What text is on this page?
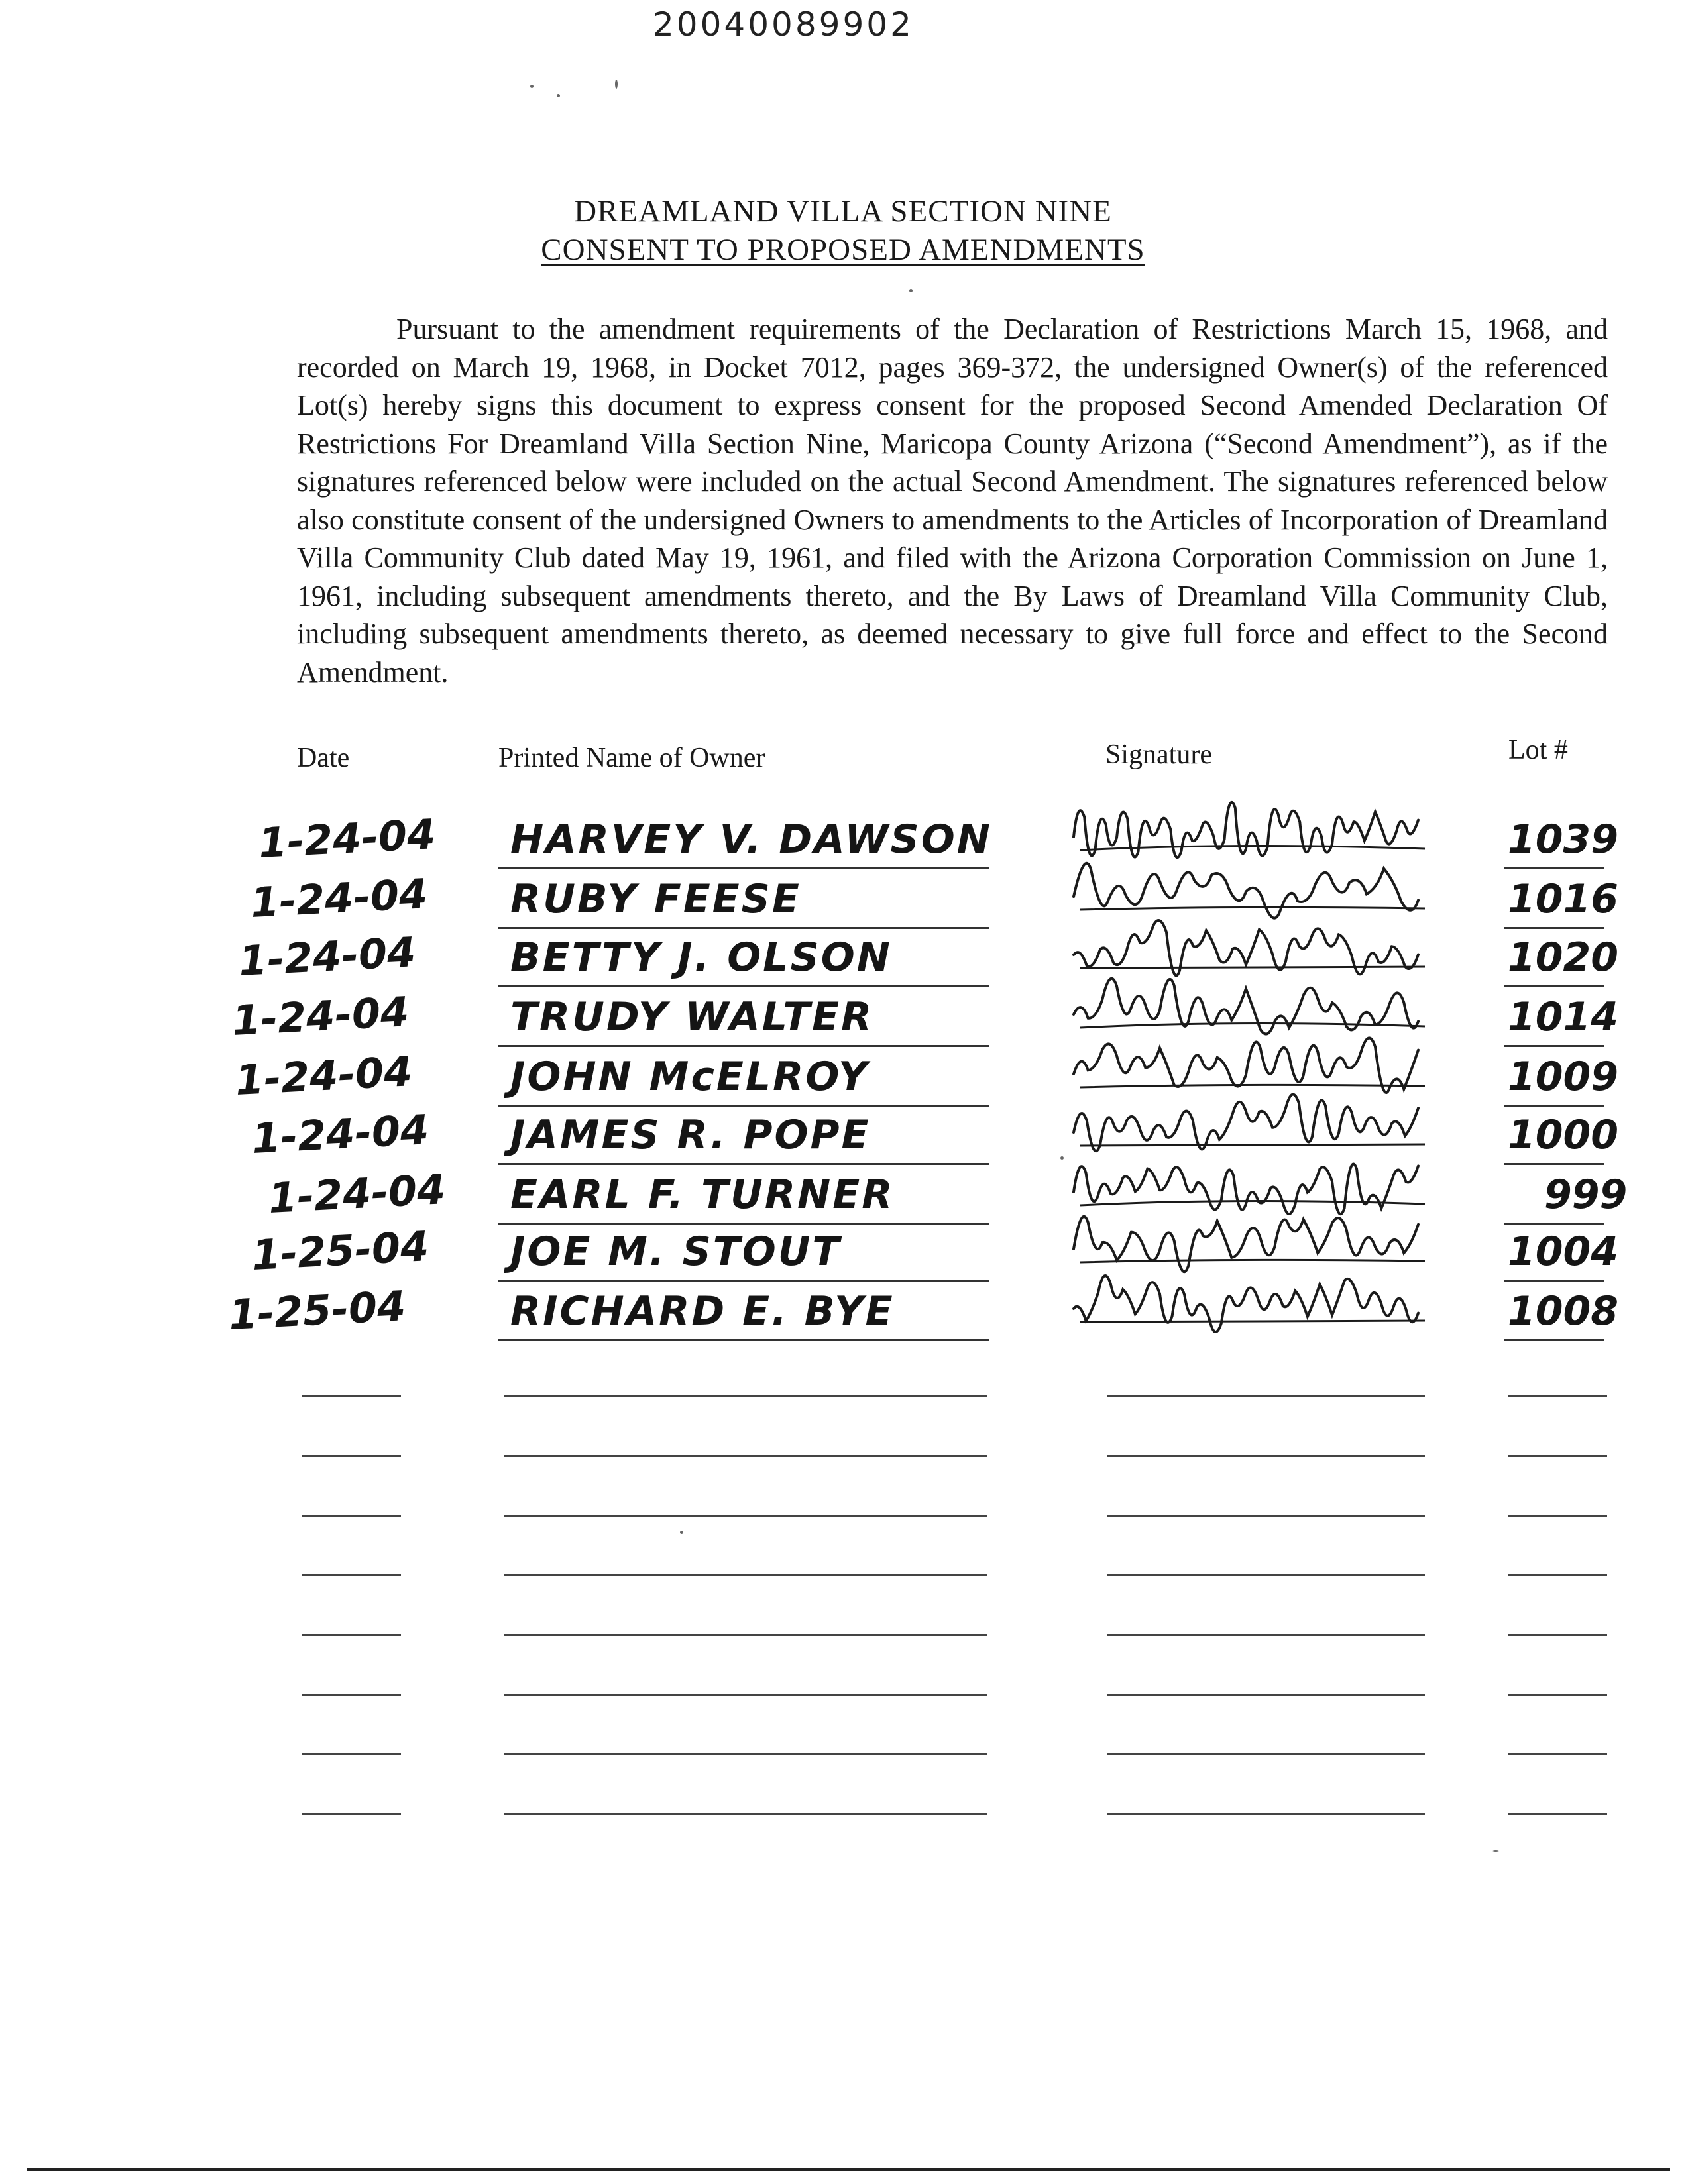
20040089902
DREAMLAND VILLA SECTION NINE
CONSENT TO PROPOSED AMENDMENTS
Pursuant to the amendment requirements of the Declaration of Restrictions March 15, 1968, and recorded on March 19, 1968, in Docket 7012, pages 369-372, the undersigned Owner(s) of the referenced Lot(s) hereby signs this document to express consent for the proposed Second Amended Declaration Of Restrictions For Dreamland Villa Section Nine, Maricopa County Arizona (“Second Amendment”), as if the signatures referenced below were included on the actual Second Amendment. The signatures referenced below also constitute consent of the undersigned Owners to amendments to the Articles of Incorporation of Dreamland Villa Community Club dated May 19, 1961, and filed with the Arizona Corporation Commission on June 1, 1961, including subsequent amendments thereto, and the By Laws of Dreamland Villa Community Club, including subsequent amendments thereto, as deemed necessary to give full force and effect to the Second Amendment.
Date	Printed Name of Owner	Signature	Lot #
1-24-04 HARVEY V. DAWSON	1039
1-24-04 RUBY FEESE	1016
1-24-04 BETTY J. OLSON	1020
1-24-04	TRUDY WALTER	1014
1-24-04 JOHN McELROY	1009
1-24-04 JAMES R. POPE	1000
1-24-04 EARL F. TURNER	999
1-25-04 JOE M. STOUT	1004
1-25-04	RICHARD E. BYE	1008
